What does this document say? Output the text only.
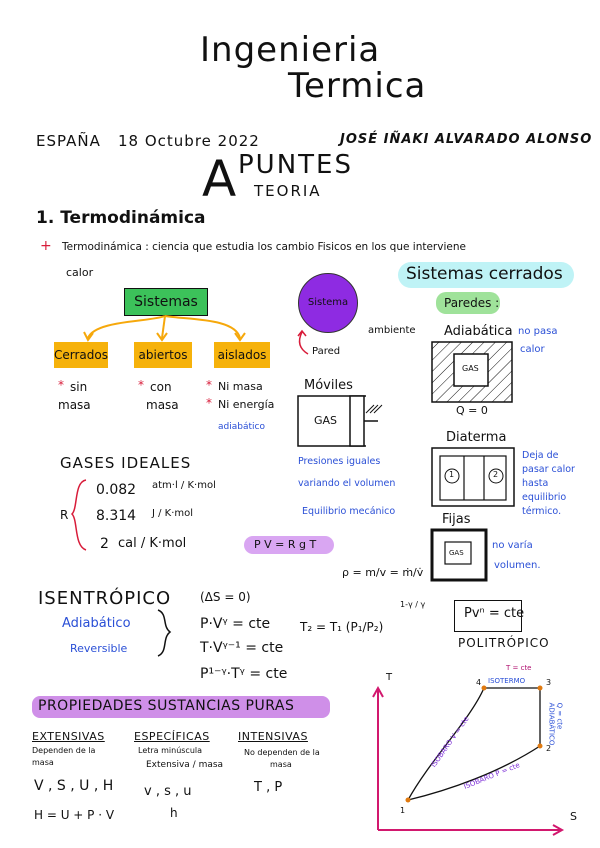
Ingenieria
Termica
ESPAÑA 18 Octubre 2022	JOSÉ IÑAKI ALVARADO ALONSO
A PUNTES
TEORIA
1. Termodinámica
+ Termodinámica : ciencia que estudia los cambio Fisicos en los que interviene
calor
Sistemas
Cerrados	abiertos	aislados
* sin
masa
* con
masa
* Ni masa
* Ni energía
adiabático
Sistema
Pared
ambiente
Sistemas cerrados
Paredes :
Adiabática no pasa
calor
GAS
Q = 0
Diaterma
1	2
Deja de
pasar calor
hasta
equilibrio
térmico.
Fijas
GAS
no varía
volumen.
Móviles
GAS
Presiones iguales
variando el volumen
Equilibrio mecánico
GASES IDEALES
R
0.082 atm·l / K·mol
8.314 J / K·mol
2 cal / K·mol	P V = R g T
ρ = m/v = ṁ/v̇
ISENTRÓPICO (ΔS = 0)
Adiabático
Reversible
P·Vᵞ = cte
T·Vᵞ⁻¹ = cte
P¹⁻ᵞ·Tᵞ = cte
T₂ = T₁ (P₁/P₂)
1-γ / γ
Pvⁿ = cte
POLITRÓPICO
PROPIEDADES SUSTANCIAS PURAS
EXTENSIVAS
Dependen de la
masa
V , S , U , H
H = U + P · V
ESPECÍFICAS
Letra minúscula
Extensiva / masa
v , s , u
h
INTENSIVAS
No dependen de la
masa
T , P
T
S
1
2
3
4
T = cte
ISOTERMO
ADIABÁTICO Q = cte
ISOBARO V = cte
ISOBARO P = cte
